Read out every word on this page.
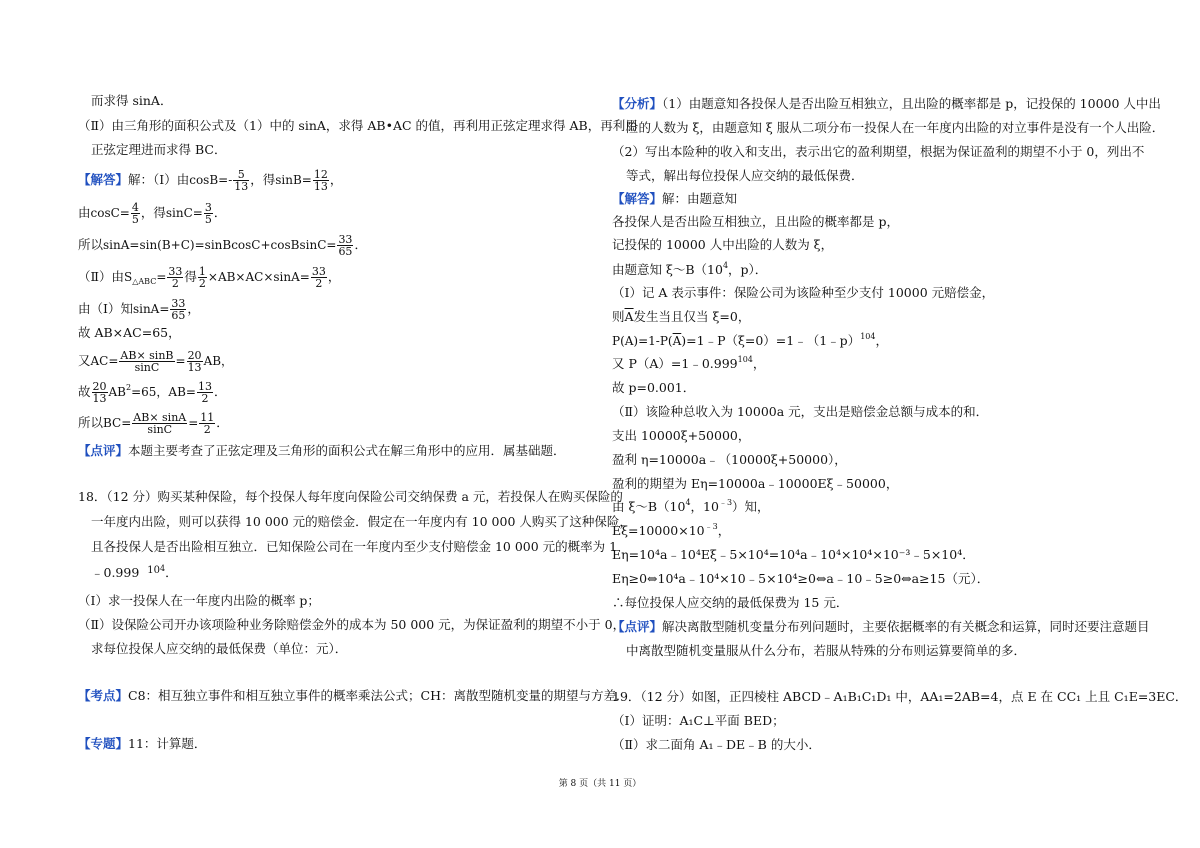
而求得 sinA．
（Ⅱ）由三角形的面积公式及（1）中的 sinA，求得 AB•AC 的值，再利用正弦定理求得 AB，再利用
正弦定理进而求得 BC．
【解答】解：（Ⅰ）由$\cos B=- \frac{5}{13}$ ，得$\sin B= \frac{12}{13}$ ，
由$\cos C= \frac{4}{5}$ ，得$\sin C= \frac{3}{5}$ ．
所以sinA=sin(B+C)=sinBcosC+cosBsinC= $\frac{33}{65}$ ．
（Ⅱ）由$S_{\triangle ABC}= \frac{33}{2}$ 得 $\frac{1}{2} \times AB\times AC\times\sin A= \frac{33}{2}$ ，
由（Ⅰ）知$\sin A= \frac{33}{65}$ ，
故 AB×AC=65，
又$AC= \frac{AB\times \sin B}{\sin C} = \frac{20}{13}$ AB，
故 $\frac{20}{13} AB^2=65$，$AB= \frac{13}{2}$ ．
所以$BC= \frac{AB\times \sin A}{\sin C} = \frac{11}{2}$ ．
【点评】本题主要考查了正弦定理及三角形的面积公式在解三角形中的应用．属基础题．
18．（12 分）购买某种保险，每个投保人每年度向保险公司交纳保费 a 元，若投保人在购买保险的
一年度内出险，则可以获得 10 000 元的赔偿金．假定在一年度内有 10 000 人购买了这种保险，
且各投保人是否出险相互独立．已知保险公司在一年度内至少支付赔偿金 10 000 元的概率为 1
﹣0.999 $^{104}$．
（Ⅰ）求一投保人在一年度内出险的概率 p；
（Ⅱ）设保险公司开办该项险种业务除赔偿金外的成本为 50 000 元，为保证盈利的期望不小于 0，
求每位投保人应交纳的最低保费（单位：元）．
【考点】C8：相互独立事件和相互独立事件的概率乘法公式；CH：离散型随机变量的期望与方差．
【专题】11：计算题．
【分析】（1）由题意知各投保人是否出险互相独立，且出险的概率都是 p，记投保的 10000 人中出
险的人数为 ξ，由题意知 ξ 服从二项分布一投保人在一年度内出险的对立事件是没有一个人出险．
（2）写出本险种的收入和支出，表示出它的盈利期望，根据为保证盈利的期望不小于 0，列出不
等式，解出每位投保人应交纳的最低保费．
【解答】解：由题意知
各投保人是否出险互相独立，且出险的概率都是 p，
记投保的 10000 人中出险的人数为 ξ，
由题意知 $\xi\sim B(10^4$，p）．
（Ⅰ）记 A 表示事件：保险公司为该险种至少支付 10000 元赔偿金，
则$\overline{A}$发生当且仅当 ξ=0，
$P(A)=1-P(\overline{A})=1﹣P(\xi=0)=1﹣(1﹣p)^{104}$，
又 $P(A)=1﹣0.999^{104}$，
故 p=0.001．
（Ⅱ）该险种总收入为 10000a 元，支出是赔偿金总额与成本的和．
支出 10000ξ+50000，
盈利 η=10000a﹣（10000ξ+50000），
盈利的期望为 Eη=10000a﹣10000Eξ﹣50000，
由 $\xi\sim B(10^4$，$10^{﹣3}$）知，
$E\xi=10000\times 10^{﹣3}$，
Eη=10⁴a﹣10⁴Eξ﹣5×10⁴=10⁴a﹣10⁴×10⁴×10⁻³﹣5×10⁴．
Eη≥0⇔10⁴a﹣10⁴×10﹣5×10⁴≥0⇔a﹣10﹣5≥0⇔a≥15（元）．
∴每位投保人应交纳的最低保费为 15 元．
【点评】解决离散型随机变量分布列问题时，主要依据概率的有关概念和运算，同时还要注意题目
中离散型随机变量服从什么分布，若服从特殊的分布则运算要简单的多．
19．（12 分）如图，正四棱柱 ABCD﹣A₁B₁C₁D₁ 中，AA₁=2AB=4，点 E 在 CC₁ 上且 C₁E=3EC．
（Ⅰ）证明：A₁C⊥平面 BED；
（Ⅱ）求二面角 A₁﹣DE﹣B 的大小．
第 8 页（共 11 页）
